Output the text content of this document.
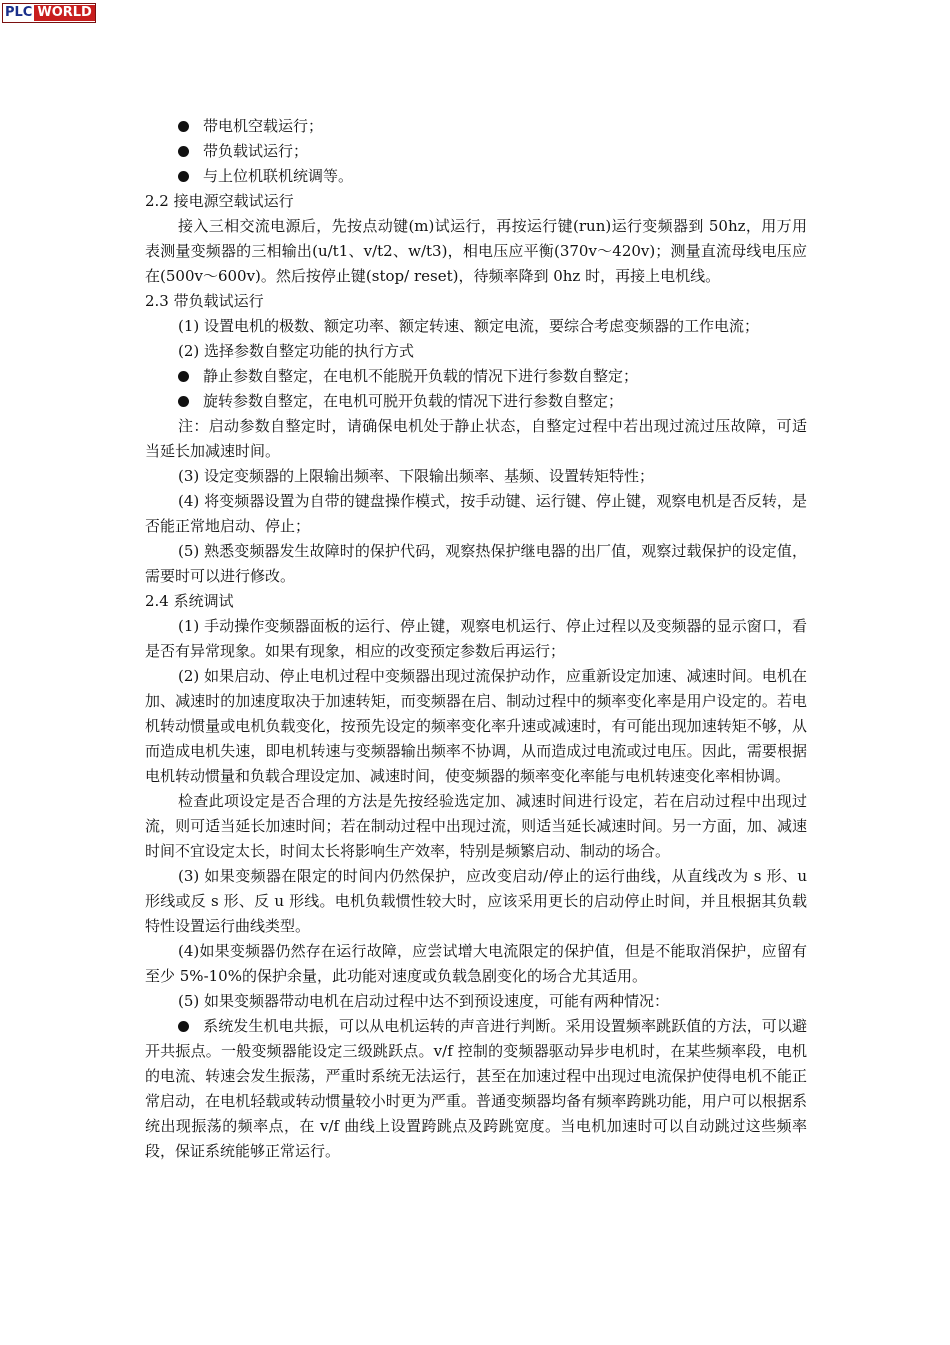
PLC WORLD
带电机空载运行；
带负载试运行；
与上位机联机统调等。
2.2 接电源空载试运行
接入三相交流电源后，先按点动键(m)试运行，再按运行键(run)运行变频器到 50hz，用万用表测量变频器的三相输出(u/t1、v/t2、w/t3)，相电压应平衡(370v～420v)；测量直流母线电压应在(500v～600v)。然后按停止键(stop/ reset)，待频率降到 0hz 时，再接上电机线。
2.3 带负载试运行
(1) 设置电机的极数、额定功率、额定转速、额定电流，要综合考虑变频器的工作电流；
(2) 选择参数自整定功能的执行方式
静止参数自整定，在电机不能脱开负载的情况下进行参数自整定；
旋转参数自整定，在电机可脱开负载的情况下进行参数自整定；
注：启动参数自整定时，请确保电机处于静止状态，自整定过程中若出现过流过压故障，可适当延长加减速时间。
(3) 设定变频器的上限输出频率、下限输出频率、基频、设置转矩特性；
(4) 将变频器设置为自带的键盘操作模式，按手动键、运行键、停止键，观察电机是否反转，是否能正常地启动、停止；
(5) 熟悉变频器发生故障时的保护代码，观察热保护继电器的出厂值，观察过载保护的设定值，需要时可以进行修改。
2.4 系统调试
(1) 手动操作变频器面板的运行、停止键，观察电机运行、停止过程以及变频器的显示窗口，看是否有异常现象。如果有现象，相应的改变预定参数后再运行；
(2) 如果启动、停止电机过程中变频器出现过流保护动作，应重新设定加速、减速时间。电机在加、减速时的加速度取决于加速转矩，而变频器在启、制动过程中的频率变化率是用户设定的。若电机转动惯量或电机负载变化，按预先设定的频率变化率升速或减速时，有可能出现加速转矩不够，从而造成电机失速，即电机转速与变频器输出频率不协调，从而造成过电流或过电压。因此，需要根据电机转动惯量和负载合理设定加、减速时间，使变频器的频率变化率能与电机转速变化率相协调。
检查此项设定是否合理的方法是先按经验选定加、减速时间进行设定，若在启动过程中出现过流，则可适当延长加速时间；若在制动过程中出现过流，则适当延长减速时间。另一方面，加、减速时间不宜设定太长，时间太长将影响生产效率，特别是频繁启动、制动的场合。
(3) 如果变频器在限定的时间内仍然保护，应改变启动/停止的运行曲线，从直线改为 s 形、u 形线或反 s 形、反 u 形线。电机负载惯性较大时，应该采用更长的启动停止时间，并且根据其负载特性设置运行曲线类型。
(4)如果变频器仍然存在运行故障，应尝试增大电流限定的保护值，但是不能取消保护，应留有至少 5%-10%的保护余量，此功能对速度或负载急剧变化的场合尤其适用。
(5) 如果变频器带动电机在启动过程中达不到预设速度，可能有两种情况：
系统发生机电共振，可以从电机运转的声音进行判断。采用设置频率跳跃值的方法，可以避开共振点。一般变频器能设定三级跳跃点。v/f 控制的变频器驱动异步电机时，在某些频率段，电机的电流、转速会发生振荡，严重时系统无法运行，甚至在加速过程中出现过电流保护使得电机不能正常启动，在电机轻载或转动惯量较小时更为严重。普通变频器均备有频率跨跳功能，用户可以根据系统出现振荡的频率点，在 v/f 曲线上设置跨跳点及跨跳宽度。当电机加速时可以自动跳过这些频率段，保证系统能够正常运行。
